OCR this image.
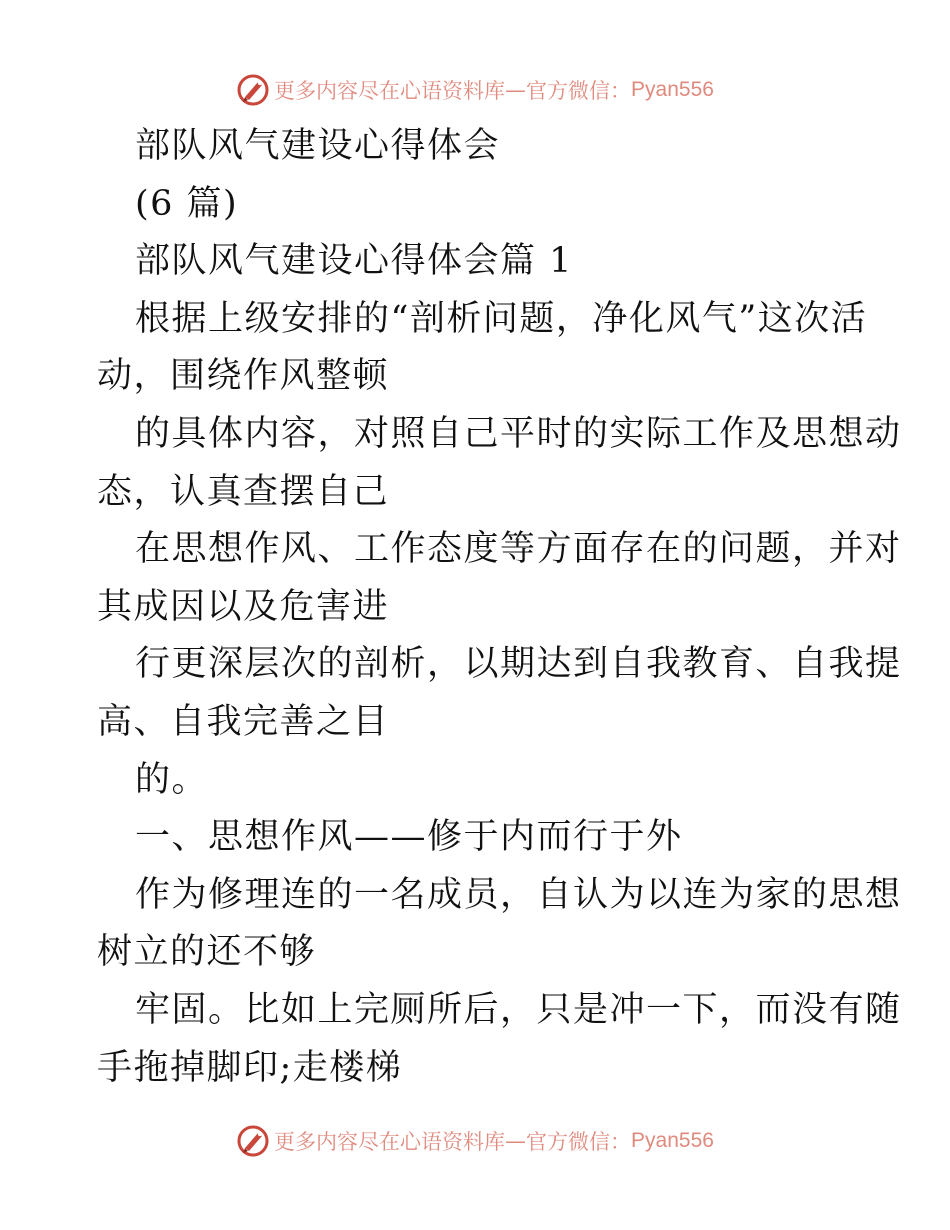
更多内容尽在心语资料库 — 官方微信： Pyan556
部队风气建设心得体会
(6 篇)
部队风气建设心得体会篇 1
根据上级安排的“剖析问题，净化风气”这次活
动，围绕作风整顿
的具体内容，对照自己平时的实际工作及思想动
态，认真查摆自己
在思想作风、工作态度等方面存在的问题，并对
其成因以及危害进
行更深层次的剖析，以期达到自我教育、自我提
高、自我完善之目
的。
一、思想作风——修于内而行于外
作为修理连的一名成员，自认为以连为家的思想
树立的还不够
牢固。比如上完厕所后，只是冲一下，而没有随
手拖掉脚印;走楼梯
更多内容尽在心语资料库 — 官方微信： Pyan556
